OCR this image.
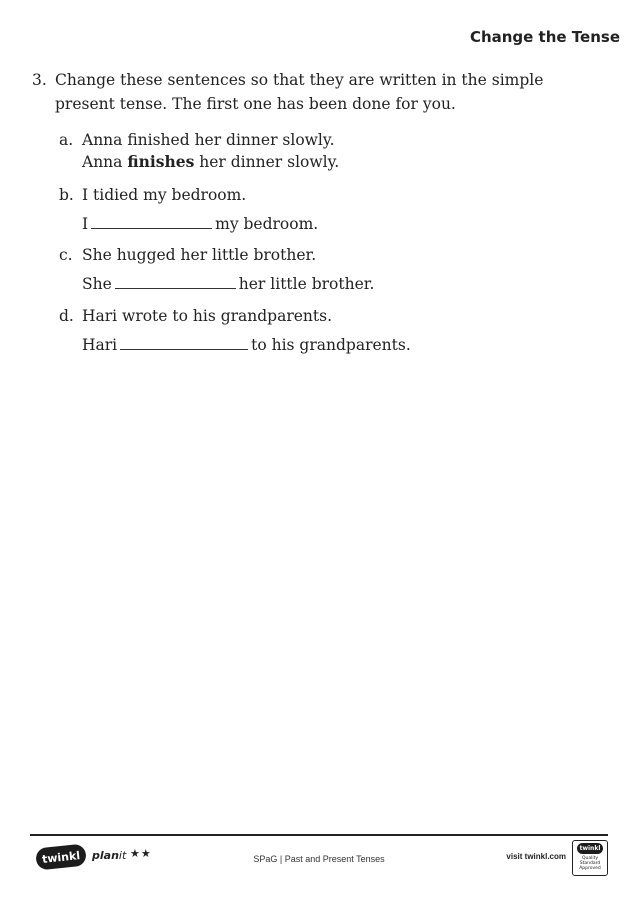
Change the Tense
3. Change these sentences so that they are written in the simple present tense. The first one has been done for you.
a. Anna finished her dinner slowly.
Anna finishes her dinner slowly.
b. I tidied my bedroom.
I	my bedroom.
c. She hugged her little brother.
She	her little brother.
d. Hari wrote to his grandparents.
Hari	to his grandparents.
twinkl	planit ★★	SPaG | Past and Present Tenses	visit twinkl.com
twinkl
Quality Standard Approved
